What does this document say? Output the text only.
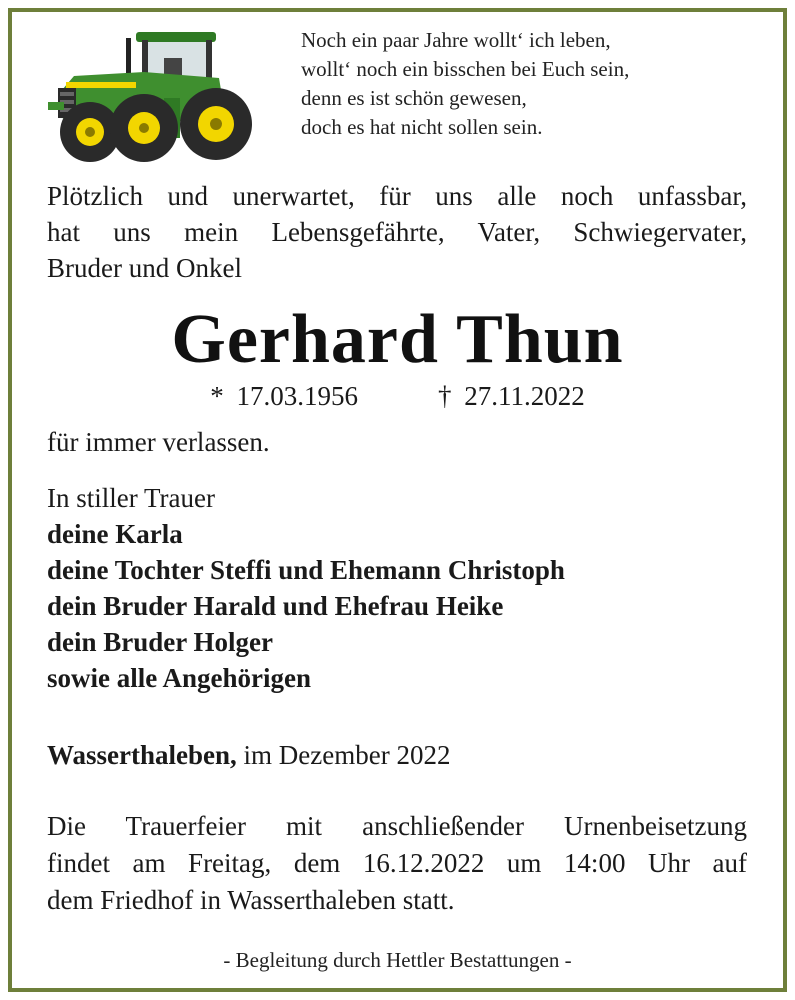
Noch ein paar Jahre wollt‘ ich leben,
wollt‘ noch ein bisschen bei Euch sein,
denn es ist schön gewesen,
doch es hat nicht sollen sein.
Plötzlich und unerwartet, für uns alle noch unfassbar,
hat uns mein Lebensgefährte, Vater, Schwiegervater,
Bruder und Onkel
Gerhard Thun
* 17.03.1956	† 27.11.2022
für immer verlassen.
In stiller Trauer
deine Karla
deine Tochter Steffi und Ehemann Christoph
dein Bruder Harald und Ehefrau Heike
dein Bruder Holger
sowie alle Angehörigen
Wasserthaleben, im Dezember 2022
Die Trauerfeier mit anschließender Urnenbeisetzung
findet am Freitag, dem 16.12.2022 um 14:00 Uhr auf
dem Friedhof in Wasserthaleben statt.
- Begleitung durch Hettler Bestattungen -
